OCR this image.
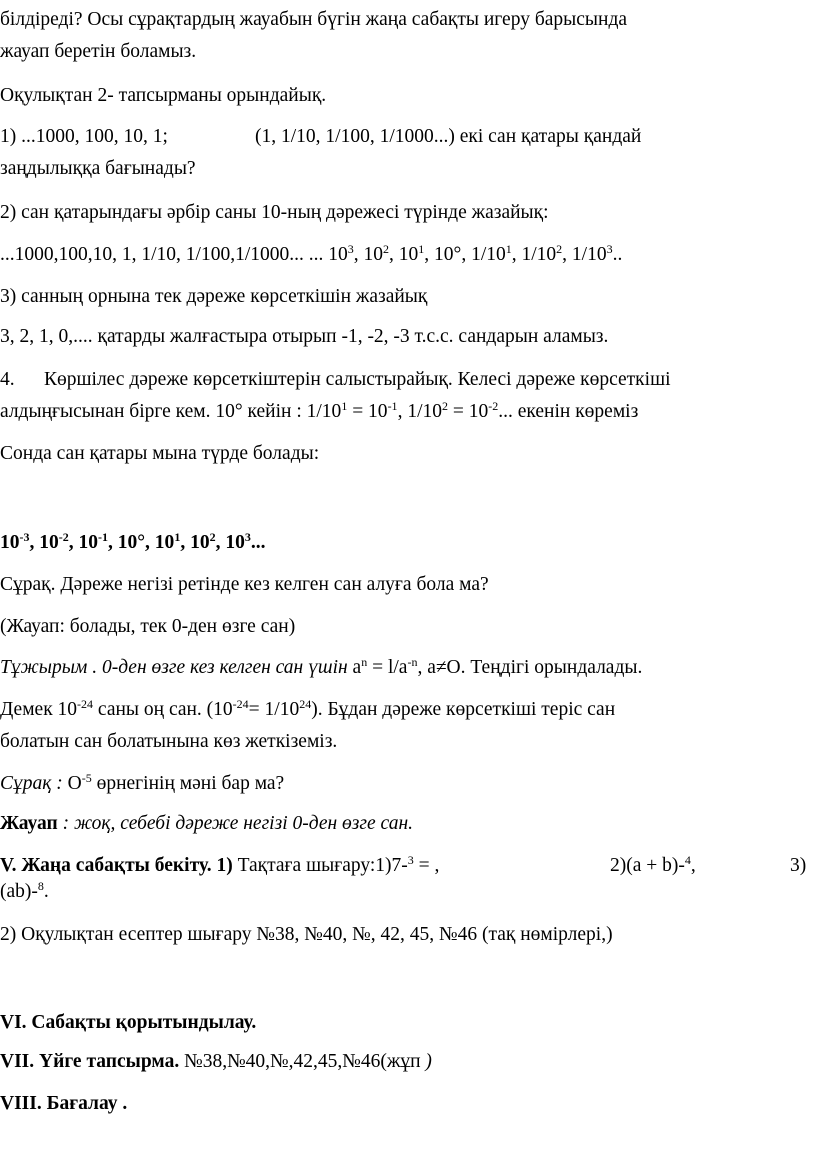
білдіреді? Осы сұрақтардың жауабын бүгін жаңа сабақты игеру барысында
жауап беретін боламыз.
Оқулықтан 2- тапсырманы орындайық.
1) ...1000, 100, 10, 1;	(1, 1/10, 1/100, 1/1000...) екі сан қатары қандай
заңдылыққа бағынады?
2) сан қатарындағы әрбір саны 10-ның дәрежесі түрінде жазайық:
...1000,100,10, 1, 1/10, 1/100,1/1000... ... $10^3$, $10^2$, $10^1$, 10°, $1/10^1$, $1/10^2$, $1/10^3$..
3) санның орнына тек дәреже көрсеткішін жазайық
3, 2, 1, 0,.... қатарды жалғастыра отырып -1, -2, -3 т.с.с. сандарын аламыз.
4. Көршілес дәреже көрсеткіштерін салыстырайық. Келесі дәреже көрсеткіші
алдыңғысынан бірге кем. 10° кейін : $1/10^1 = 10^{-1}$, $1/10^2 = 10^{-2}$... екенін көреміз
Сонда сан қатары мына түрде болады:
$10^{-3}$, $10^{-2}$, $10^{-1}$, 10°, $10^1$, $10^2$, $10^3$...
Сұрақ. Дәреже негізі ретінде кез келген сан алуға бола ма?
(Жауап: болады, тек 0-ден өзге сан)
Тұжырым . 0-ден өзге кез келген сан үшін $a^n = l/a^{-n}$, a≠O. Теңдігі орындалады.
Демек $10^{-24}$ саны оң сан. $(10^{-24}= 1/10^{24})$. Бұдан дәреже көрсеткіші теріс сан
болатын сан болатынына көз жеткіземіз.
Сұрақ : $O^{-5}$ өрнегінің мәні бар ма?
Жауап : жоқ, себебі дәреже негізі 0-ден өзге сан.
V. Жаңа сабақты бекіту. 1) Тақтаға шығару:1)7-$^3$ = ,	2)(a + b)-$^4$,	3)
(ab)-$^8$.
2) Оқулықтан есептер шығару №38, №40, №, 42, 45, №46 (тақ нөмірлері,)
VI. Сабақты қорытындылау.
VII. Үйге тапсырма. №38,№40,№,42,45,№46(жұп )
VIII. Бағалау .
